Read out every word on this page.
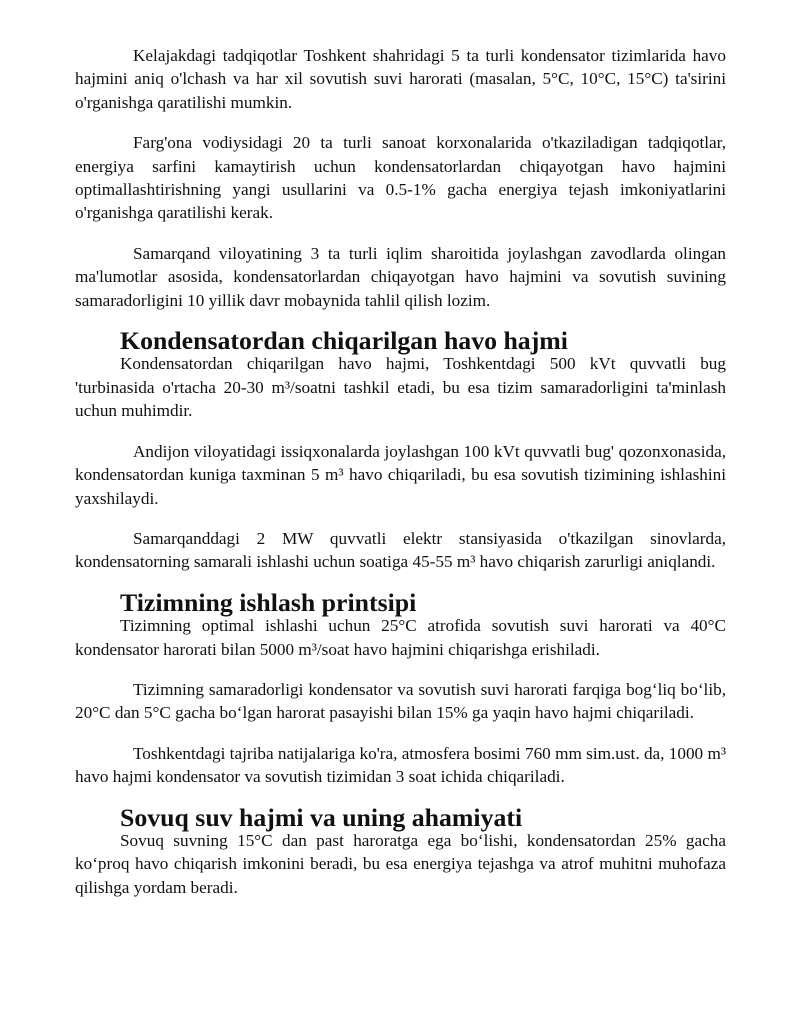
Kelajakdagi tadqiqotlar Toshkent shahridagi 5 ta turli kondensator tizimlarida havo hajmini aniq o'lchash va har xil sovutish suvi harorati (masalan, 5°C, 10°C, 15°C) ta'sirini o'rganishga qaratilishi mumkin.

Farg'ona vodiysidagi 20 ta turli sanoat korxonalarida o'tkaziladigan tadqiqotlar, energiya sarfini kamaytirish uchun kondensatorlardan chiqayotgan havo hajmini optimallashtirishning yangi usullarini va 0.5-1% gacha energiya tejash imkoniyatlarini o'rganishga qaratilishi kerak.

Samarqand viloyatining 3 ta turli iqlim sharoitida joylashgan zavodlarda olingan ma'lumotlar asosida, kondensatorlardan chiqayotgan havo hajmini va sovutish suvining samaradorligini 10 yillik davr mobaynida tahlil qilish lozim.

Kondensatordan chiqarilgan havo hajmi

Kondensatordan chiqarilgan havo hajmi, Toshkentdagi 500 kVt quvvatli bug 'turbinasida o'rtacha 20-30 m³/soatni tashkil etadi, bu esa tizim samaradorligini ta'minlash uchun muhimdir.

Andijon viloyatidagi issiqxonalarda joylashgan 100 kVt quvvatli bug' qozonxonasida, kondensatordan kuniga taxminan 5 m³ havo chiqariladi, bu esa sovutish tizimining ishlashini yaxshilaydi.

Samarqanddagi 2 MW quvvatli elektr stansiyasida o'tkazilgan sinovlarda, kondensatorning samarali ishlashi uchun soatiga 45-55 m³ havo chiqarish zarurligi aniqlandi.

Tizimning ishlash printsipi

Tizimning optimal ishlashi uchun 25°C atrofida sovutish suvi harorati va 40°C kondensator harorati bilan 5000 m³/soat havo hajmini chiqarishga erishiladi.

Tizimning samaradorligi kondensator va sovutish suvi harorati farqiga bog‘liq bo‘lib, 20°C dan 5°C gacha bo‘lgan harorat pasayishi bilan 15% ga yaqin havo hajmi chiqariladi.

Toshkentdagi tajriba natijalariga ko'ra, atmosfera bosimi 760 mm sim.ust. da, 1000 m³ havo hajmi kondensator va sovutish tizimidan 3 soat ichida chiqariladi.

Sovuq suv hajmi va uning ahamiyati

Sovuq suvning 15°C dan past haroratga ega bo‘lishi, kondensatordan 25% gacha ko‘proq havo chiqarish imkonini beradi, bu esa energiya tejashga va atrof muhitni muhofaza qilishga yordam beradi.
